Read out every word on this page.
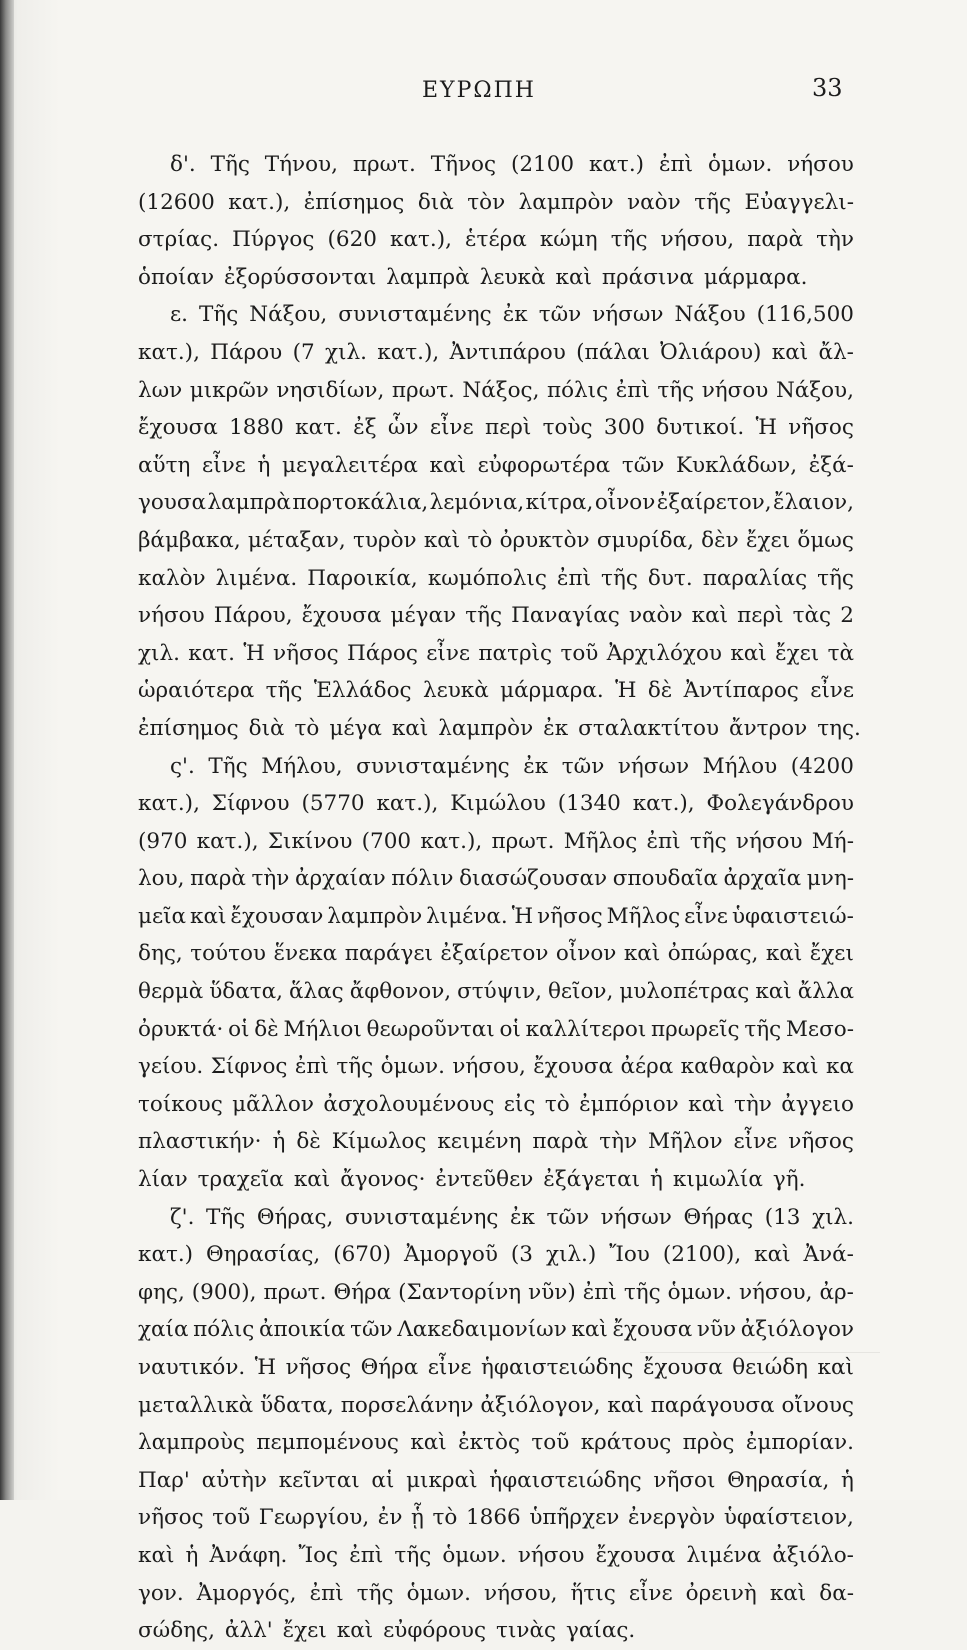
ΕΥΡΩΠΗ	33
δ'. Τῆς Τήνου, πρωτ. Τῆνος (2100 κατ.) ἐπὶ ὁμων. νήσου
(12600 κατ.), ἐπίσημος διὰ τὸν λαμπρὸν ναὸν τῆς Εὐαγγελι-
στρίας. Πύργος (620 κατ.), ἑτέρα κώμη τῆς νήσου, παρὰ τὴν
ὁποίαν ἐξορύσσονται λαμπρὰ λευκὰ καὶ πράσινα μάρμαρα.
ε. Τῆς Νάξου, συνισταμένης ἐκ τῶν νήσων Νάξου (116,500
κατ.), Πάρου (7 χιλ. κατ.), Ἀντιπάρου (πάλαι Ὀλιάρου) καὶ ἄλ-
λων μικρῶν νησιδίων, πρωτ. Νάξος, πόλις ἐπὶ τῆς νήσου Νάξου,
ἔχουσα 1880 κατ. ἐξ ὧν εἶνε περὶ τοὺς 300 δυτικοί. Ἡ νῆσος
αὕτη εἶνε ἡ μεγαλειτέρα καὶ εὐφορωτέρα τῶν Κυκλάδων, ἐξά-
γουσα λαμπρὰ πορτοκάλια, λεμόνια, κίτρα, οἶνον ἐξαίρετον, ἔλαιον,
βάμβακα, μέταξαν, τυρὸν καὶ τὸ ὀρυκτὸν σμυρίδα, δὲν ἔχει ὅμως
καλὸν λιμένα. Παροικία, κωμόπολις ἐπὶ τῆς δυτ. παραλίας τῆς
νήσου Πάρου, ἔχουσα μέγαν τῆς Παναγίας ναὸν καὶ περὶ τὰς 2
χιλ. κατ. Ἡ νῆσος Πάρος εἶνε πατρὶς τοῦ Ἀρχιλόχου καὶ ἔχει τὰ
ὡραιότερα τῆς Ἑλλάδος λευκὰ μάρμαρα. Ἡ δὲ Ἀντίπαρος εἶνε
ἐπίσημος διὰ τὸ μέγα καὶ λαμπρὸν ἐκ σταλακτίτου ἄντρον της.
ς'. Τῆς Μήλου, συνισταμένης ἐκ τῶν νήσων Μήλου (4200
κατ.), Σίφνου (5770 κατ.), Κιμώλου (1340 κατ.), Φολεγάνδρου
(970 κατ.), Σικίνου (700 κατ.), πρωτ. Μῆλος ἐπὶ τῆς νήσου Μή-
λου, παρὰ τὴν ἀρχαίαν πόλιν διασώζουσαν σπουδαῖα ἀρχαῖα μνη-
μεῖα καὶ ἔχουσαν λαμπρὸν λιμένα. Ἡ νῆσος Μῆλος εἶνε ὑφαιστειώ-
δης, τούτου ἕνεκα παράγει ἐξαίρετον οἶνον καὶ ὀπώρας, καὶ ἔχει
θερμὰ ὕδατα, ἅλας ἄφθονον, στύψιν, θεῖον, μυλοπέτρας καὶ ἄλλα
ὀρυκτά· οἱ δὲ Μήλιοι θεωροῦνται οἱ καλλίτεροι πρωρεῖς τῆς Μεσο-
γείου. Σίφνος ἐπὶ τῆς ὁμων. νήσου, ἔχουσα ἀέρα καθαρὸν καὶ κα
τοίκους μᾶλλον ἀσχολουμένους εἰς τὸ ἐμπόριον καὶ τὴν ἀγγειο
πλαστικήν· ἡ δὲ Κίμωλος κειμένη παρὰ τὴν Μῆλον εἶνε νῆσος
λίαν τραχεῖα καὶ ἄγονος· ἐντεῦθεν ἐξάγεται ἡ κιμωλία γῆ.
ζ'. Τῆς Θήρας, συνισταμένης ἐκ τῶν νήσων Θήρας (13 χιλ.
κατ.) Θηρασίας, (670) Ἀμοργοῦ (3 χιλ.) Ἴου (2100), καὶ Ἀνά-
φης, (900), πρωτ. Θήρα (Σαντορίνη νῦν) ἐπὶ τῆς ὁμων. νήσου, ἀρ-
χαία πόλις ἀποικία τῶν Λακεδαιμονίων καὶ ἔχουσα νῦν ἀξιόλογον
ναυτικόν. Ἡ νῆσος Θήρα εἶνε ἡφαιστειώδης ἔχουσα θειώδη καὶ
μεταλλικὰ ὕδατα, πορσελάνην ἀξιόλογον, καὶ παράγουσα οἴνους
λαμπροὺς πεμπομένους καὶ ἐκτὸς τοῦ κράτους πρὸς ἐμπορίαν.
Παρ' αὐτὴν κεῖνται αἱ μικραὶ ἡφαιστειώδης νῆσοι Θηρασία, ἡ
νῆσος τοῦ Γεωργίου, ἐν ᾗ τὸ 1866 ὑπῆρχεν ἐνεργὸν ὑφαίστειον,
καὶ ἡ Ἀνάφη. Ἴος ἐπὶ τῆς ὁμων. νήσου ἔχουσα λιμένα ἀξιόλο-
γον. Ἀμοργός, ἐπὶ τῆς ὁμων. νήσου, ἥτις εἶνε ὀρεινὴ καὶ δα-
σώδης, ἀλλ' ἔχει καὶ εὐφόρους τινὰς γαίας.
